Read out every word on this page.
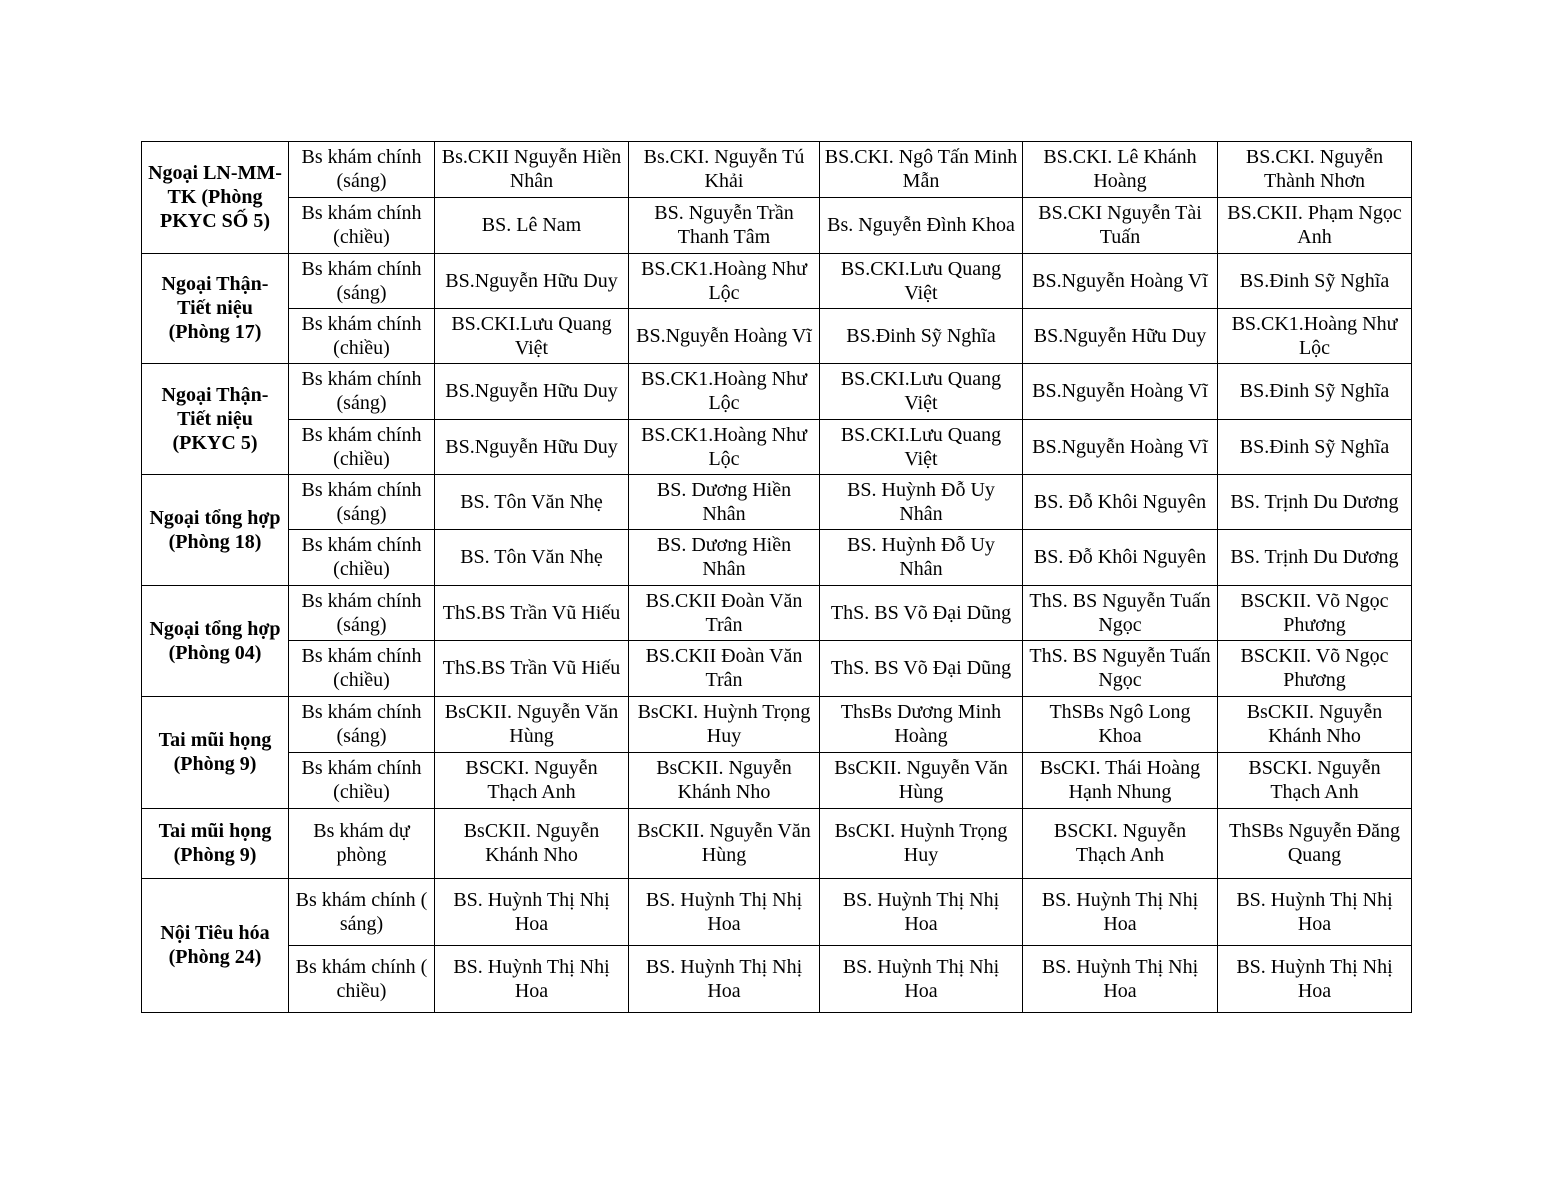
Ngoại LN-MM- TK (Phòng PKYC SỐ 5)	Bs khám chính (sáng)	Bs.CKII Nguyễn Hiền Nhân	Bs.CKI. Nguyễn Tú Khải	BS.CKI. Ngô Tấn Minh Mẫn	BS.CKI. Lê Khánh Hoàng	BS.CKI. Nguyễn Thành Nhơn
	Bs khám chính (chiều)	BS. Lê Nam	BS. Nguyễn Trần Thanh Tâm	Bs. Nguyễn Đình Khoa	BS.CKI Nguyễn Tài Tuấn	BS.CKII. Phạm Ngọc Anh
Ngoại Thận-Tiết niệu (Phòng 17)	Bs khám chính (sáng)	BS.Nguyễn Hữu Duy	BS.CK1.Hoàng Như Lộc	BS.CKI.Lưu Quang Việt	BS.Nguyễn Hoàng Vĩ	BS.Đinh Sỹ Nghĩa
	Bs khám chính (chiều)	BS.CKI.Lưu Quang Việt	BS.Nguyễn Hoàng Vĩ	BS.Đinh Sỹ Nghĩa	BS.Nguyễn Hữu Duy	BS.CK1.Hoàng Như Lộc
Ngoại Thận-Tiết niệu (PKYC 5)	Bs khám chính (sáng)	BS.Nguyễn Hữu Duy	BS.CK1.Hoàng Như Lộc	BS.CKI.Lưu Quang Việt	BS.Nguyễn Hoàng Vĩ	BS.Đinh Sỹ Nghĩa
	Bs khám chính (chiều)	BS.Nguyễn Hữu Duy	BS.CK1.Hoàng Như Lộc	BS.CKI.Lưu Quang Việt	BS.Nguyễn Hoàng Vĩ	BS.Đinh Sỹ Nghĩa
Ngoại tổng hợp (Phòng 18)	Bs khám chính (sáng)	BS. Tôn Văn Nhẹ	BS. Dương Hiền Nhân	BS. Huỳnh Đỗ Uy Nhân	BS. Đỗ Khôi Nguyên	BS. Trịnh Du Dương
	Bs khám chính (chiều)	BS. Tôn Văn Nhẹ	BS. Dương Hiền Nhân	BS. Huỳnh Đỗ Uy Nhân	BS. Đỗ Khôi Nguyên	BS. Trịnh Du Dương
Ngoại tổng hợp (Phòng 04)	Bs khám chính (sáng)	ThS.BS Trần Vũ Hiếu	BS.CKII Đoàn Văn Trân	ThS. BS Võ Đại Dũng	ThS. BS Nguyễn Tuấn Ngọc	BSCKII. Võ Ngọc Phương
	Bs khám chính (chiều)	ThS.BS Trần Vũ Hiếu	BS.CKII Đoàn Văn Trân	ThS. BS Võ Đại Dũng	ThS. BS Nguyễn Tuấn Ngọc	BSCKII. Võ Ngọc Phương
Tai mũi họng (Phòng 9)	Bs khám chính (sáng)	BsCKII. Nguyễn Văn Hùng	BsCKI. Huỳnh Trọng Huy	ThsBs Dương Minh Hoàng	ThSBs Ngô Long Khoa	BsCKII. Nguyễn Khánh Nho
	Bs khám chính (chiều)	BSCKI. Nguyễn Thạch Anh	BsCKII. Nguyễn Khánh Nho	BsCKII. Nguyễn Văn Hùng	BsCKI. Thái Hoàng Hạnh Nhung	BSCKI. Nguyễn Thạch Anh
Tai mũi họng (Phòng 9)	Bs khám dự phòng	BsCKII. Nguyễn Khánh Nho	BsCKII. Nguyễn Văn Hùng	BsCKI. Huỳnh Trọng Huy	BSCKI. Nguyễn Thạch Anh	ThSBs Nguyễn Đăng Quang
Nội Tiêu hóa (Phòng 24)	Bs khám chính ( sáng)	BS. Huỳnh Thị Nhị Hoa	BS. Huỳnh Thị Nhị Hoa	BS. Huỳnh Thị Nhị Hoa	BS. Huỳnh Thị Nhị Hoa	BS. Huỳnh Thị Nhị Hoa
	Bs khám chính ( chiều)	BS. Huỳnh Thị Nhị Hoa	BS. Huỳnh Thị Nhị Hoa	BS. Huỳnh Thị Nhị Hoa	BS. Huỳnh Thị Nhị Hoa	BS. Huỳnh Thị Nhị Hoa
